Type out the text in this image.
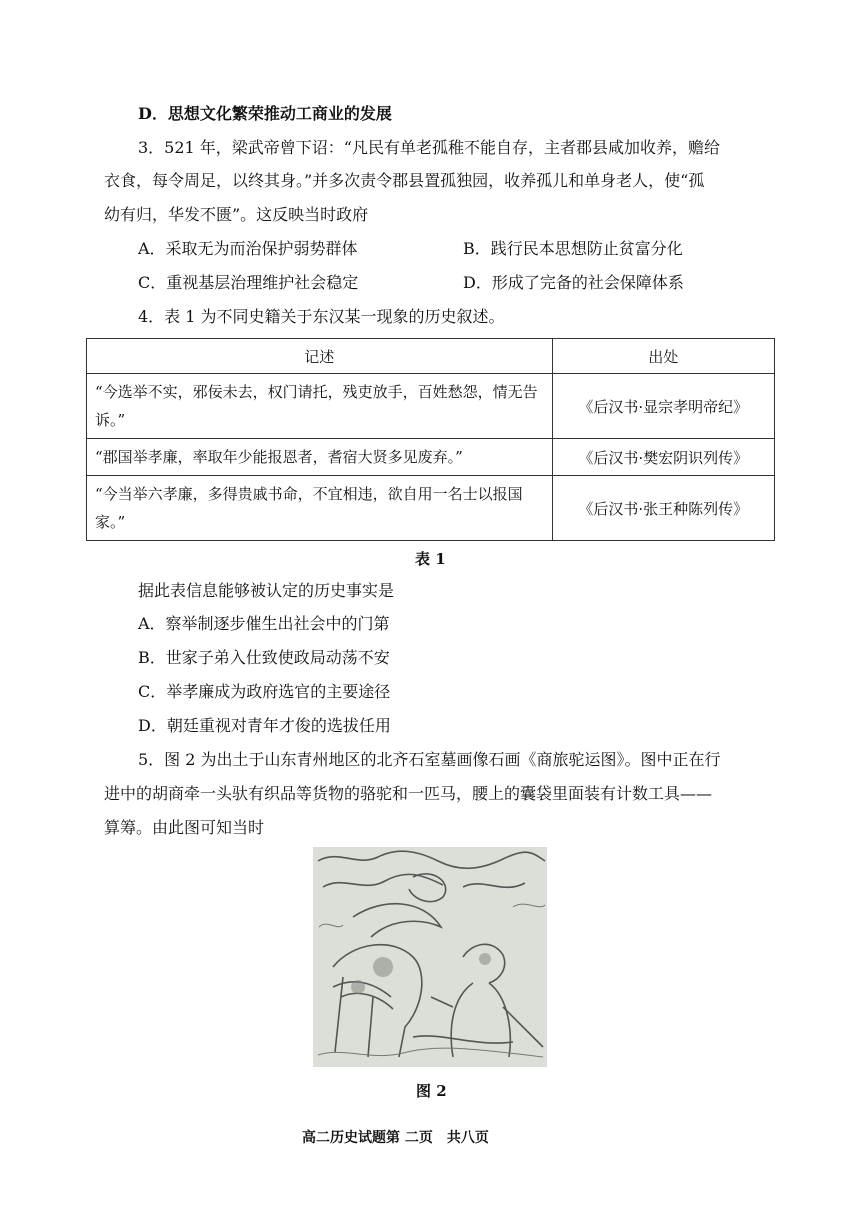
D．思想文化繁荣推动工商业的发展
3．521 年，梁武帝曾下诏：“凡民有单老孤稚不能自存，主者郡县咸加收养，赡给
衣食，每令周足，以终其身。”并多次责令郡县置孤独园，收养孤儿和单身老人，使“孤
幼有归，华发不匮”。这反映当时政府
A．采取无为而治保护弱势群体	B．践行民本思想防止贫富分化
C．重视基层治理维护社会稳定	D．形成了完备的社会保障体系
4．表 1 为不同史籍关于东汉某一现象的历史叙述。
记述	出处
“今选举不实，邪佞未去，权门请托，残吏放手，百姓愁怨，情无告诉。”	《后汉书·显宗孝明帝纪》
“郡国举孝廉，率取年少能报恩者，耆宿大贤多见废弃。”	《后汉书·樊宏阴识列传》
“今当举六孝廉，多得贵戚书命，不宜相违，欲自用一名士以报国家。”	《后汉书·张王种陈列传》
表 1
据此表信息能够被认定的历史事实是
A．察举制逐步催生出社会中的门第
B．世家子弟入仕致使政局动荡不安
C．举孝廉成为政府选官的主要途径
D．朝廷重视对青年才俊的选拔任用
5．图 2 为出土于山东青州地区的北齐石室墓画像石画《商旅驼运图》。图中正在行
进中的胡商牵一头驮有织品等货物的骆驼和一匹马，腰上的囊袋里面装有计数工具——
算筹。由此图可知当时
图 2
高二历史试题第 二页　共八页
